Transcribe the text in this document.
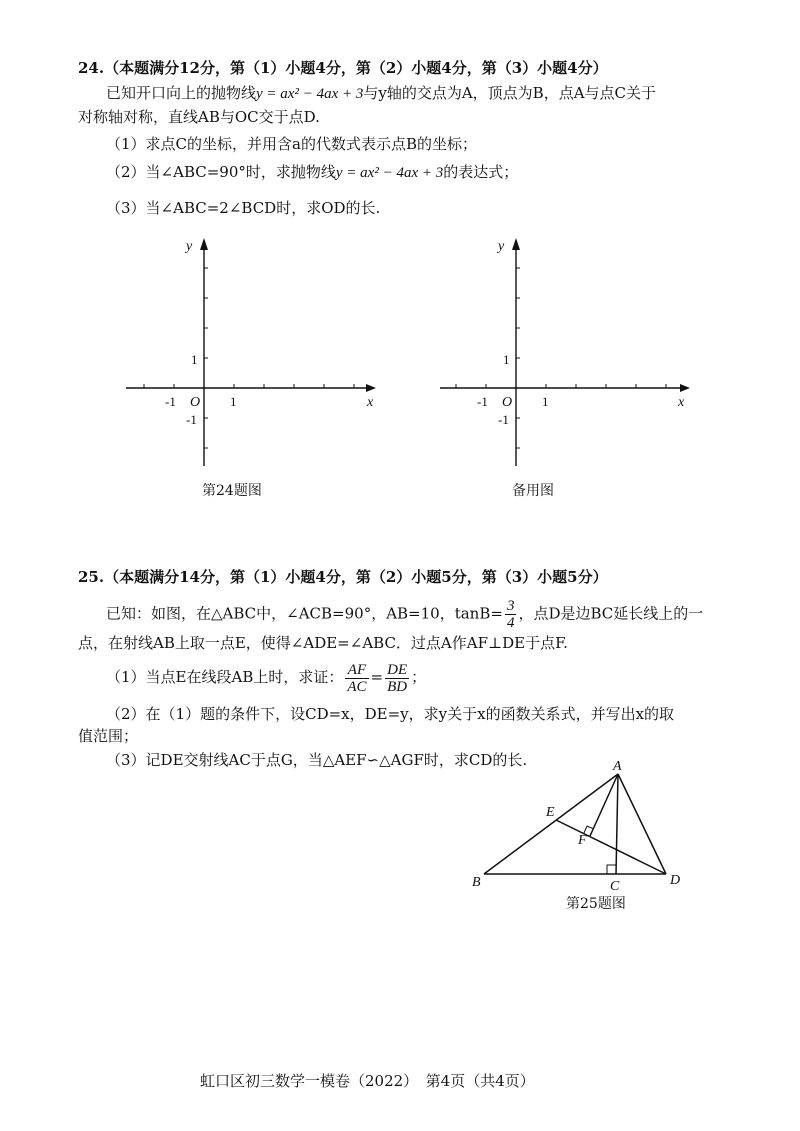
24.（本题满分12分，第（1）小题4分，第（2）小题4分，第（3）小题4分）
已知开口向上的抛物线y = ax² − 4ax + 3与y轴的交点为A，顶点为B，点A与点C关于
对称轴对称，直线AB与OC交于点D.
（1）求点C的坐标，并用含a的代数式表示点B的坐标；
（2）当∠ABC=90°时，求抛物线y = ax² − 4ax + 3的表达式；
（3）当∠ABC=2∠BCD时，求OD的长.
y
x
O 1
-1
1
-1
y
x
O 1
-1
1
-1
第24题图	备用图
25.（本题满分14分，第（1）小题4分，第（2）小题5分，第（3）小题5分）
已知：如图，在△ABC中，∠ACB=90°，AB=10，$\tan B= \frac{3}{4}$ ，点D是边BC延长线上的一
点，在射线AB上取一点E，使得∠ADE=∠ABC．过点A作AF⊥DE于点F.
（1）当点E在线段AB上时，求证： $\frac{AF}{AC} = \frac{DE}{BD}$ ；
（2）在（1）题的条件下，设CD=x，DE=y，求y关于x的函数关系式，并写出x的取
值范围；
（3）记DE交射线AC于点G，当△AEF∽△AGF时，求CD的长.	A
B	C	D
E
F
第25题图
虹口区初三数学一模卷（2022）　第4页（共4页）
